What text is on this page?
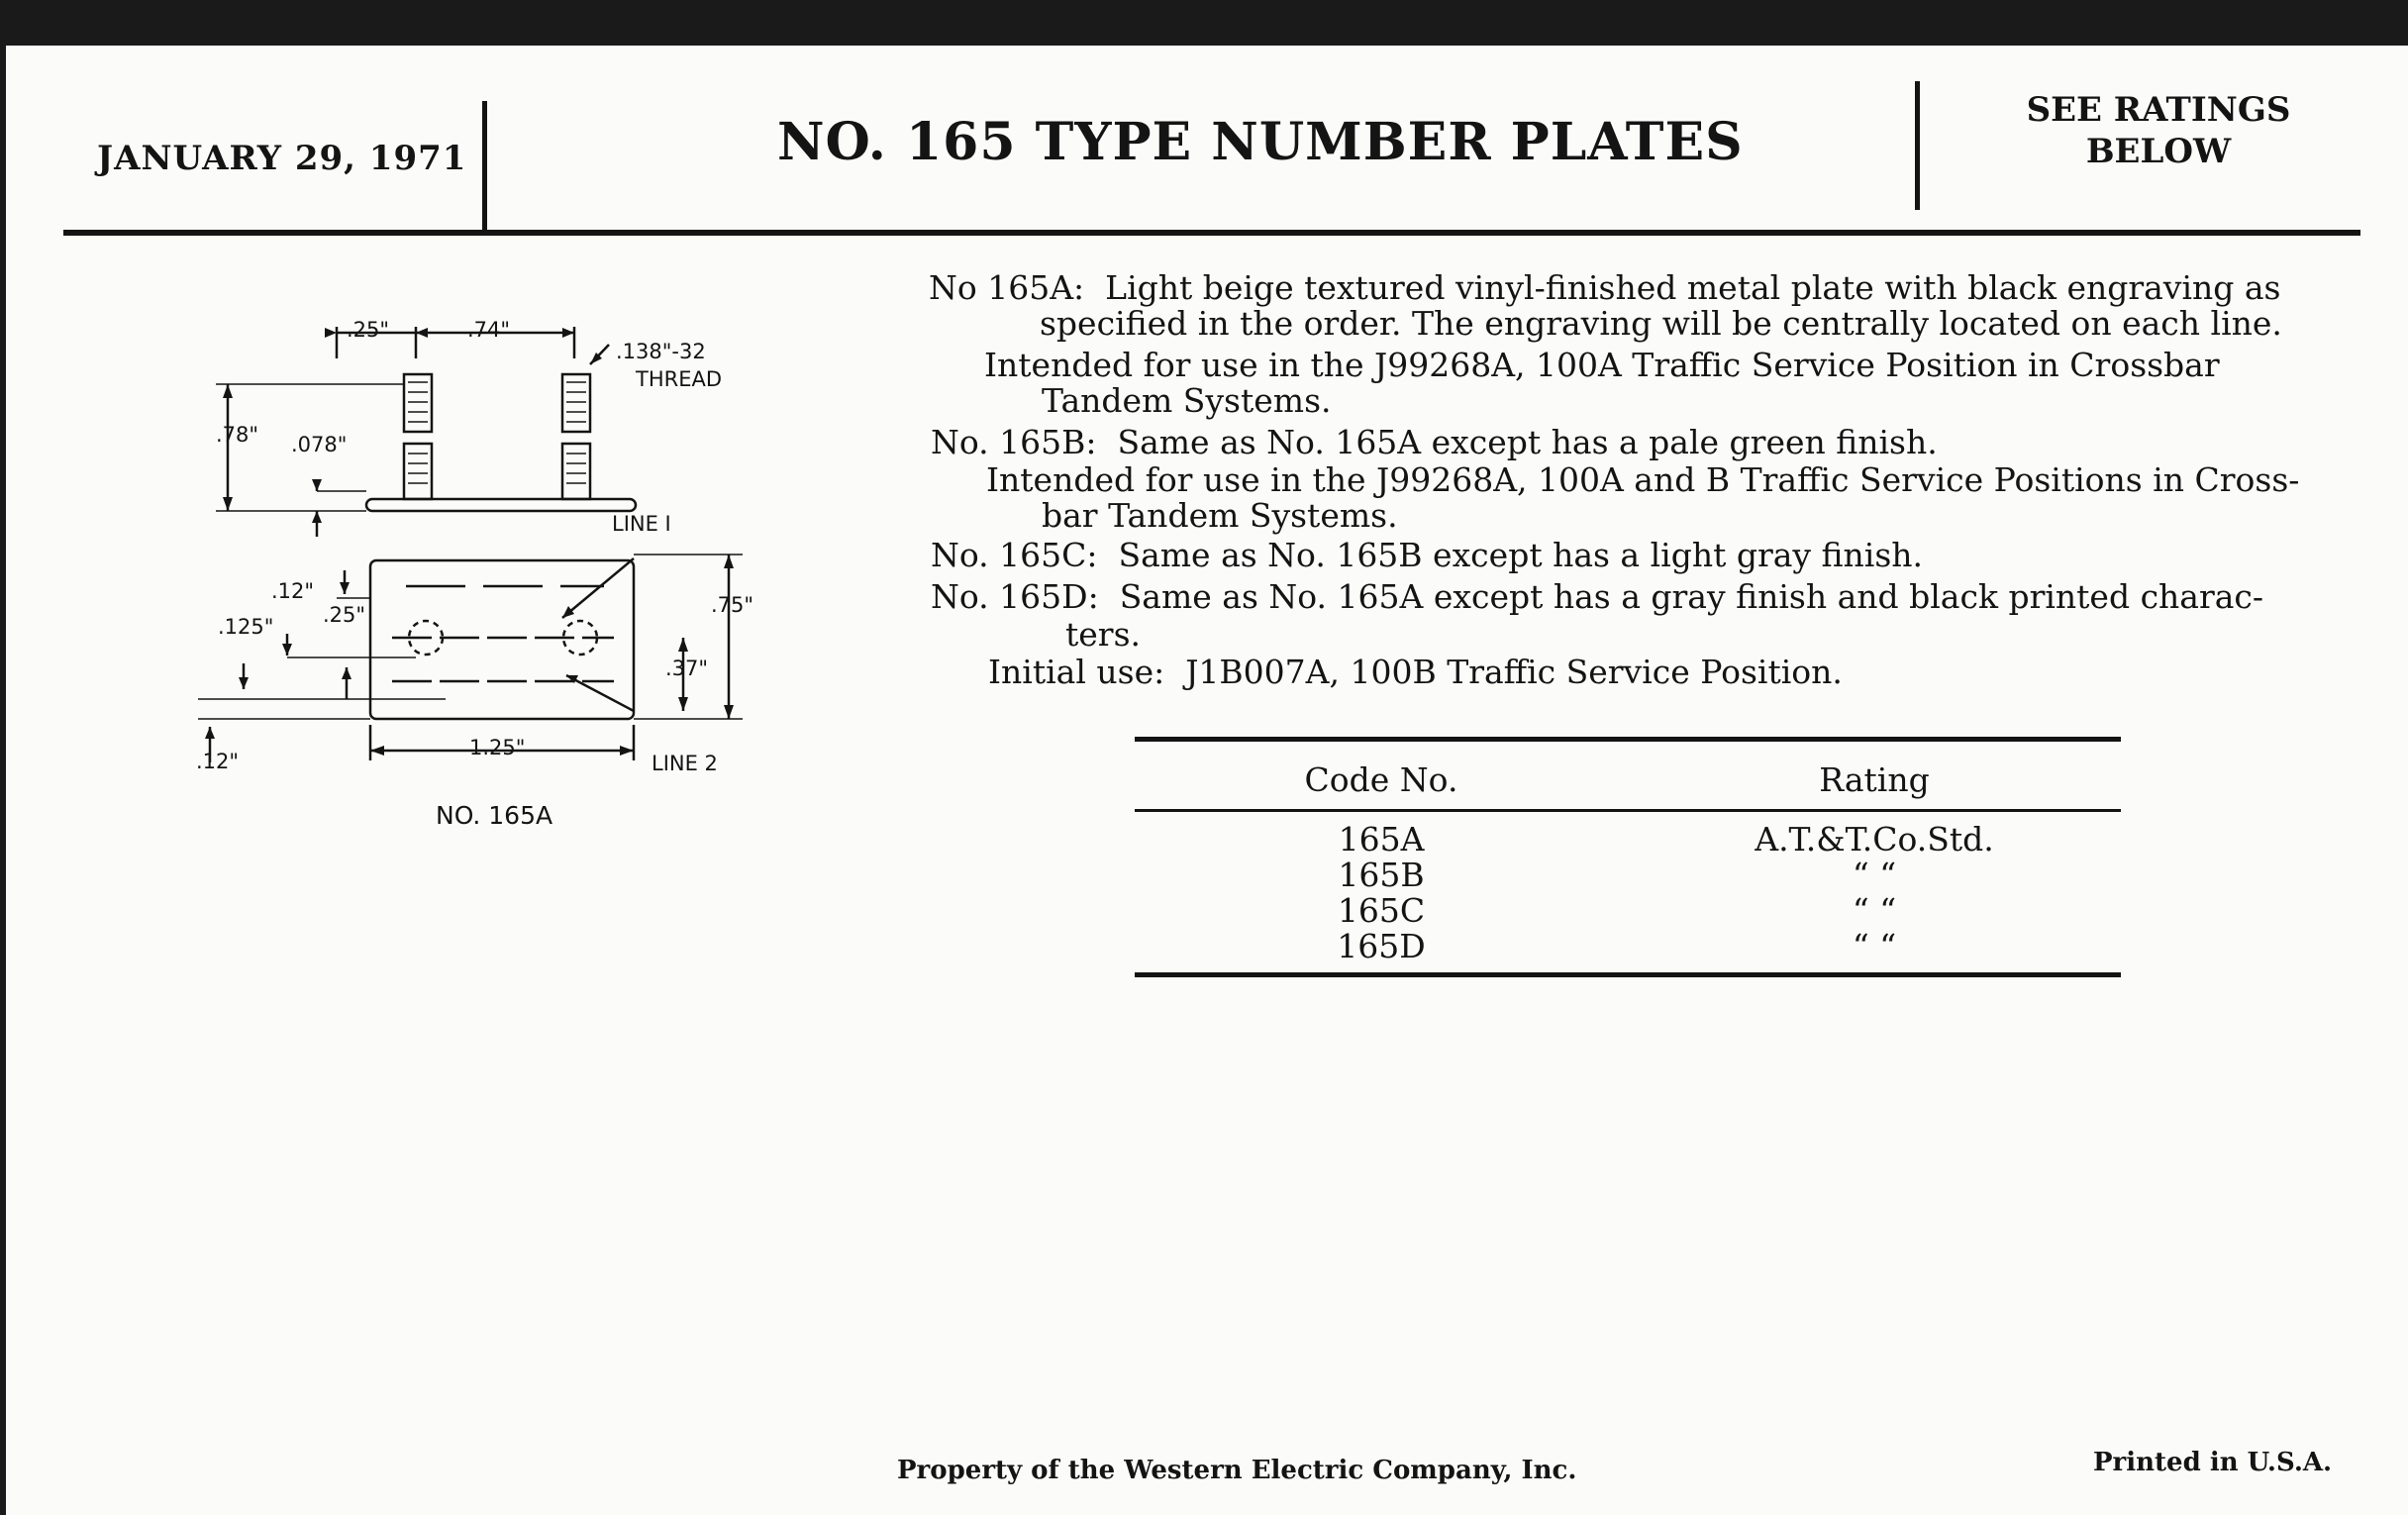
JANUARY 29, 1971	NO. 165 TYPE NUMBER PLATES
SEE RATINGS
BELOW
.25"	.74"
.138"-32
THREAD
.78" .078"
LINE I
.12"
.125" .25"	.75"
.37"
.12"
1.25"
LINE 2
NO. 165A
No 165A: Light beige textured vinyl-finished metal plate with black engraving as
specified in the order. The engraving will be centrally located on each line.
Intended for use in the J99268A, 100A Traffic Service Position in Crossbar
Tandem Systems.
No. 165B: Same as No. 165A except has a pale green finish.
Intended for use in the J99268A, 100A and B Traffic Service Positions in Cross-
bar Tandem Systems.
No. 165C: Same as No. 165B except has a light gray finish.
No. 165D: Same as No. 165A except has a gray finish and black printed charac-
ters.
Initial use: J1B007A, 100B Traffic Service Position.
Code No.	Rating
165A	A.T.&T.Co.Std.
165B	“ “
165C	“ “
165D	“ “
Property of the Western Electric Company, Inc.	Printed in U.S.A.
